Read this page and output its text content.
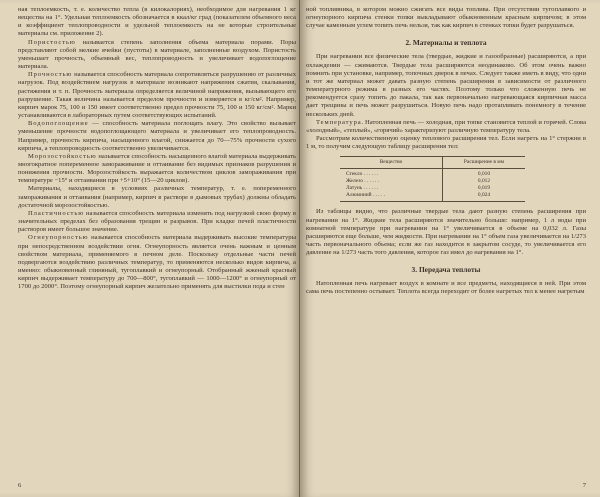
ная теплоемкость, т. е. количество тепла (в килокалориях), необходимое для нагревания 1 кг вещества на 1°. Удельная теплоемкость обозначается в ккал/кг град (показателем объемного веса и коэффициент теплопроводности и удельной теплоемкость на не которые строительные материалы см. приложение 2).

Пористостью называется степень заполнения объема материала порами. Поры представляют собой мелкие ячейки (пустоты) в материале, заполненные воздухом. Пористость уменьшает прочность, объемный вес, теплопроводность и увеличивает водопоглощение материала.

Прочностью называется способность материала сопротивляться разрушению от различных нагрузок. Под воздействием нагрузок в материале возникают напряжения сжатия, скалывания, растяжения и т. п. Прочность материала определяется величиной напряжения, вызывающего его разрушение. Такая величина называется пределом прочности и измеряется в кг/см². Например, кирпич марок 75, 100 и 150 имеет соответственно предел прочности 75, 100 и 150 кг/см². Марки устанавливаются в лабораторных путем соответствующих испытаний.

Водопоглощение — способность материала поглощать влагу. Это свойство вызывает уменьшение прочности водопоглощающего материала и увеличивает его теплопроводность. Например, прочность кирпича, насыщенного влагой, снижается до 70—75% прочности сухого кирпича, а теплопроводность соответственно увеличивается.

Морозостойкостью называется способность насыщенного влагой материала выдерживать многократное попеременное замораживание и оттаивание без видимых признаков разрушения и понижения прочности. Морозостойкость выражается количеством циклов замораживания при температуре −15° и оттаивании при +5+10° (15—20 циклов).

Материалы, находящиеся в условиях различных температур, т. е. попеременного замораживания и оттаивания (например, кирпич в растворе в дымовых трубах) должны обладать достаточной морозостойкостью.

Пластичностью называется способность материала изменять под нагрузкой свою форму в значительных пределах без образования трещин и разрывов. При кладке печей пластичности растворов имеет большое значение.

Огнеупорностью называется способность материала выдерживать высокие температуры при непосредственном воздействии огня. Огнеупорность является очень важным и ценным свойством материала, применяемого в печном деле. Поскольку отдельные части печей подвергаются воздействию различных температур, то применяются несколько видов кирпича, а именно: обыкновенный глиняный, тугоплавкий и огнеупорный. Отобранный жженый красный кирпич выдерживает температуру до 700—800°, тугоплавкий — 1000—1200° и огнеупорный от 1700 до 2000°. Поэтому огнеупорный кирпич желательно применять для выстилки пода и стен

6

ной топливника, в котором можно сжигать все виды топлива. При отсутствии тугоплавкого и огнеупорного кирпича стенки топки выкладывают обыкновенным красным кирпичом; в этом случае каменным углем топить печь нельзя, так как кирпич в стенках топки будет разрушаться.

2. Материалы и теплота

При нагревании все физические тела (твердые, жидкие и газообразные) расширяются, а при охлаждении — сжимаются. Твердые тела расширяются неодинаково. Об этом очень важно помнить при установке, например, топочных дверок в печах. Следует также иметь в виду, что одни и тот же материал может давать разную степень расширения в зависимости от различного температурного режима в разных его частях. Поэтому только что сложенную печь не рекомендуется сразу топить до пакала, так как первоначально нагревающаяся кирпичная масса дает трещины и печь может разрушиться. Новую печь надо протапливать понемногу в течение нескольких дней.

Температура. Натопленная печь — холодная, при топке становится теплой и горячей. Слова «холодный», «теплый», «горячий» характеризуют различную температуру тела.

Рассмотрим количественную оценку теплового расширения тел. Если нагреть на 1° стержни в 1 м, то получим следующую таблицу расширения тел:

Вещество	Расширение в мм
Стекло . . . . . .	0,010
Железо . . . . . .	0,012
Латунь . . . . . .	0,019
Алюминий . . . . .	0,024

Из таблицы видно, что различные твердые тела дают разную степень расширения при нагревании на 1°. Жидкие тела расширяются значительно больше: например, 1 л воды при комнатной температуре при нагревании на 1° увеличивается в объеме на 0,032 л. Газы расширяются еще больше, чем жидкости. При нагревании на 1° объем газа увеличивается на 1/273 часть первоначального объема; если же газ находится в закрытом сосуде, то увеличивается его давление на 1/273 часть того давления, которое газ имел до нагревания на 1°.

3. Передача теплоты

Натопленная печь нагревает воздух в комнате и все предметы, находящиеся в ней. При этом сама печь постепенно остывает. Теплота всегда переходит от более нагретых тел к менее нагретым

7
